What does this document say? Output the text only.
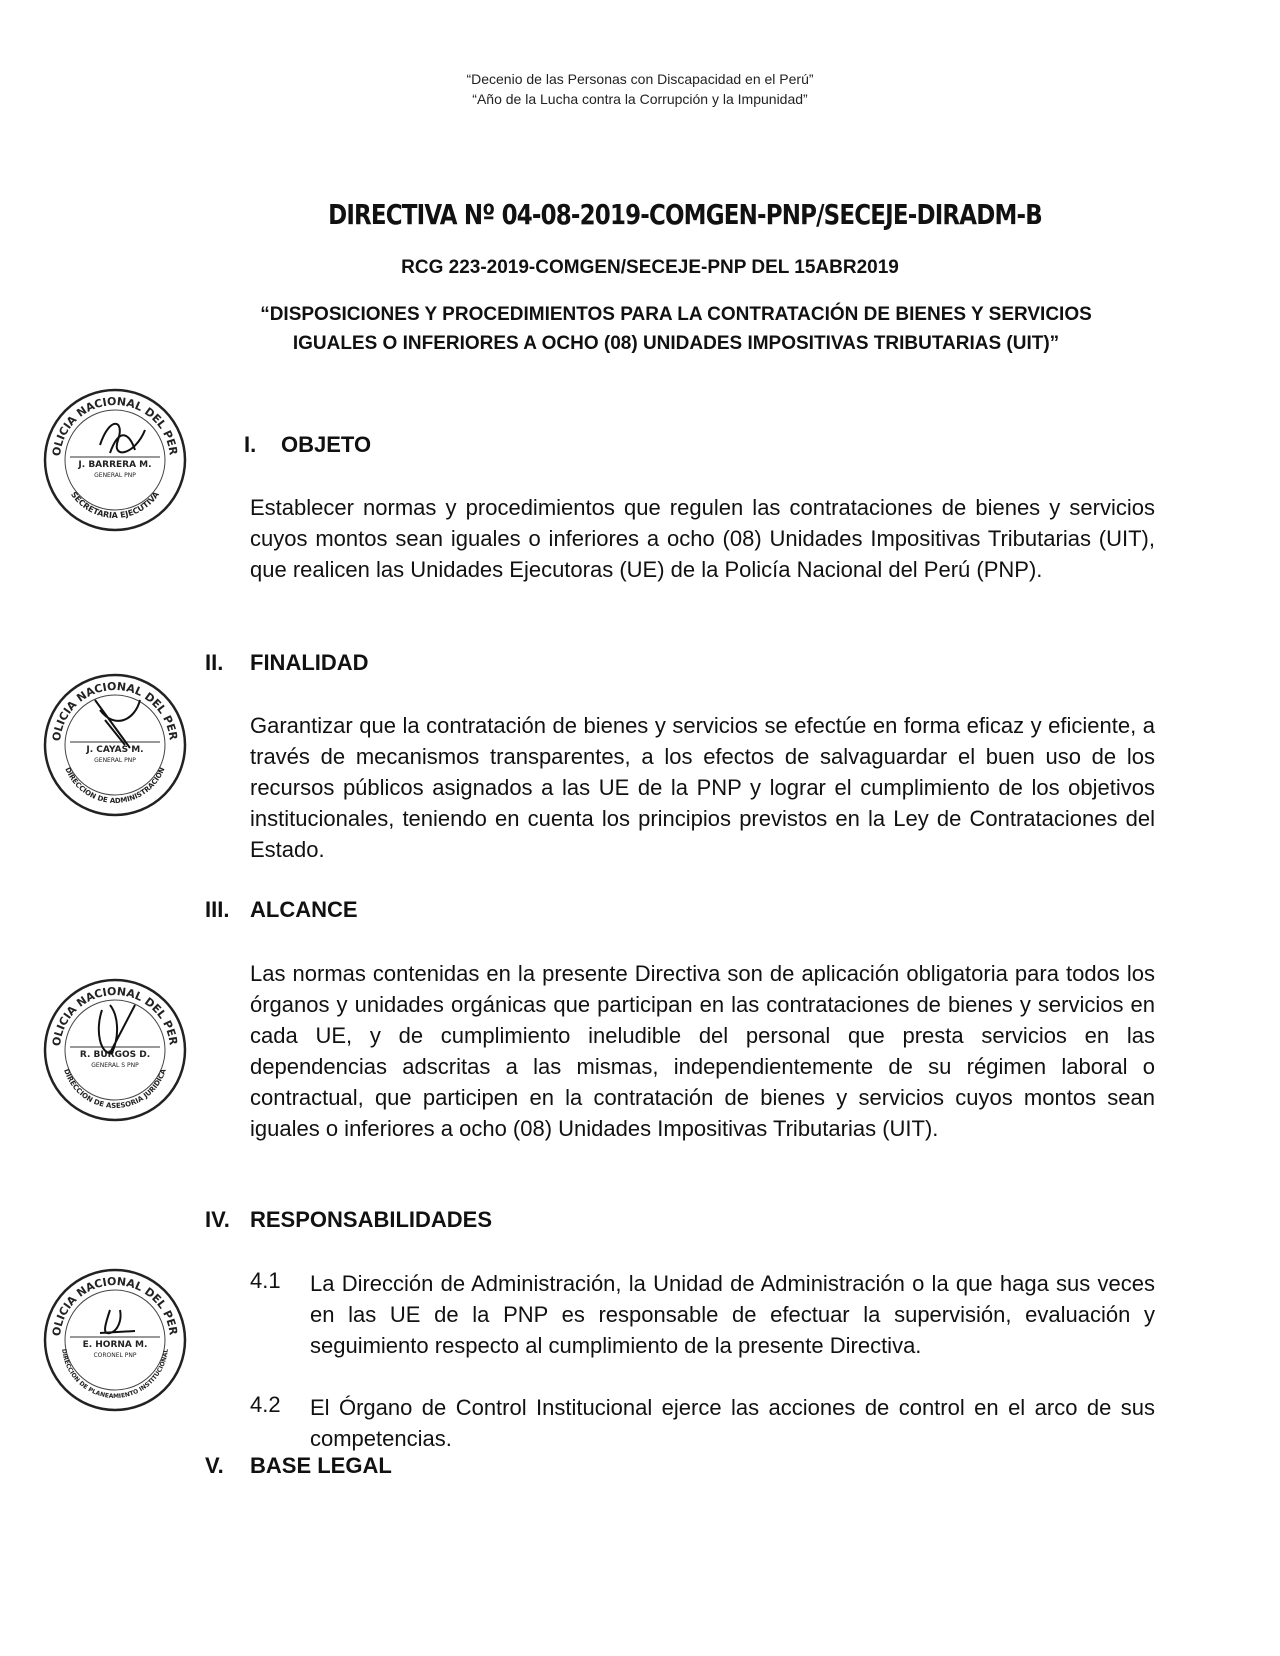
“Decenio de las Personas con Discapacidad en el Perú”
“Año de la Lucha contra la Corrupción y la Impunidad”
DIRECTIVA Nº 04-08-2019-COMGEN-PNP/SECEJE-DIRADM-B
RCG 223-2019-COMGEN/SECEJE-PNP DEL 15ABR2019
“DISPOSICIONES Y PROCEDIMIENTOS PARA LA CONTRATACIÓN DE BIENES Y SERVICIOS IGUALES O INFERIORES A OCHO (08) UNIDADES IMPOSITIVAS TRIBUTARIAS (UIT)”
I. OBJETO
Establecer normas y procedimientos que regulen las contrataciones de bienes y servicios cuyos montos sean iguales o inferiores a ocho (08) Unidades Impositivas Tributarias (UIT), que realicen las Unidades Ejecutoras (UE) de la Policía Nacional del Perú (PNP).
II. FINALIDAD
Garantizar que la contratación de bienes y servicios se efectúe en forma eficaz y eficiente, a través de mecanismos transparentes, a los efectos de salvaguardar el buen uso de los recursos públicos asignados a las UE de la PNP y lograr el cumplimiento de los objetivos institucionales, teniendo en cuenta los principios previstos en la Ley de Contrataciones del Estado.
III. ALCANCE
Las normas contenidas en la presente Directiva son de aplicación obligatoria para todos los órganos y unidades orgánicas que participan en las contrataciones de bienes y servicios en cada UE, y de cumplimiento ineludible del personal que presta servicios en las dependencias adscritas a las mismas, independientemente de su régimen laboral o contractual, que participen en la contratación de bienes y servicios cuyos montos sean iguales o inferiores a ocho (08) Unidades Impositivas Tributarias (UIT).
IV. RESPONSABILIDADES
4.1 La Dirección de Administración, la Unidad de Administración o la que haga sus veces en las UE de la PNP es responsable de efectuar la supervisión, evaluación y seguimiento respecto al cumplimiento de la presente Directiva.
4.2 El Órgano de Control Institucional ejerce las acciones de control en el arco de sus competencias.
V. BASE LEGAL
OLICIA NACIONAL DEL PER
SECRETARIA EJECUTIVA
J. BARRERA M.
GENERAL PNP
OLICIA NACIONAL DEL PER
DIRECCION DE ADMINISTRACION
J. CAYAS M.
GENERAL PNP
OLICIA NACIONAL DEL PER
DIRECCION DE ASESORIA JURIDICA
R. BURGOS D.
GENERAL S PNP
OLICIA NACIONAL DEL PER
DIRECCION DE PLANEAMIENTO INSTITUCIONAL
E. HORNA M.
CORONEL PNP
